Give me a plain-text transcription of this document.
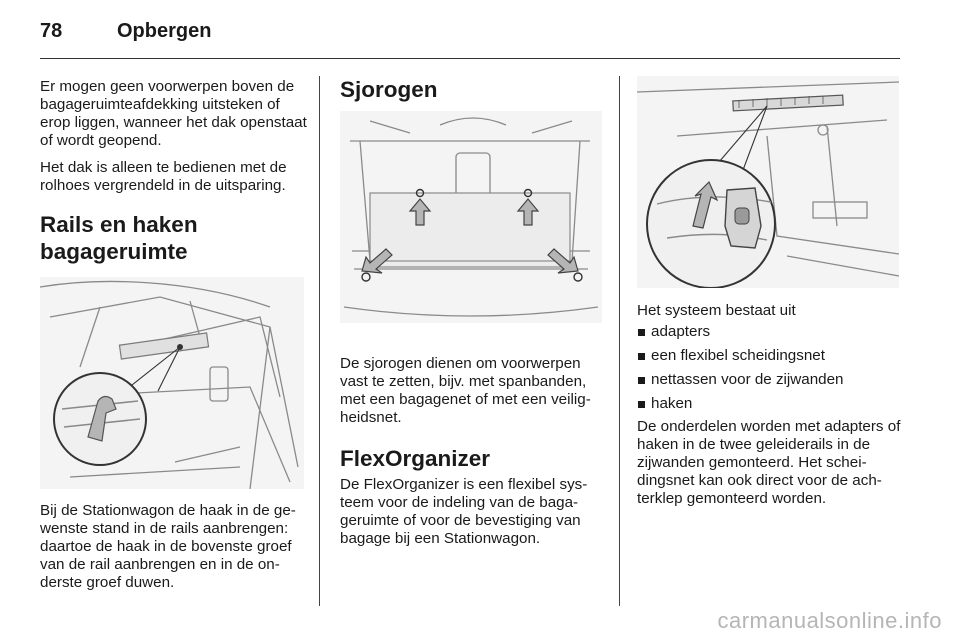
78	Opbergen

Er mogen geen voorwerpen boven de bagageruimteafdekking uitsteken of erop liggen, wanneer het dak openstaat of wordt geopend.

Het dak is alleen te bedienen met de rolhoes vergrendeld in de uitsparing.

Rails en haken
bagageruimte

Bij de Stationwagon de haak in de gewenste stand in de rails aanbrengen: daartoe de haak in de bovenste groef van de rail aanbrengen en in de onderste groef duwen.

Sjorogen

De sjorogen dienen om voorwerpen vast te zetten, bijv. met spanbanden, met een bagagenet of met een veiligheidsnet.

FlexOrganizer

De FlexOrganizer is een flexibel systeem voor de indeling van de bagageruimte of voor de bevestiging van bagage bij een Stationwagon.

Het systeem bestaat uit

adapters
een flexibel scheidingsnet
nettassen voor de zijwanden
haken

De onderdelen worden met adapters of haken in de twee geleiderails in de zijwanden gemonteerd. Het scheidingsnet kan ook direct voor de achterklep gemonteerd worden.

carmanualsonline.info
